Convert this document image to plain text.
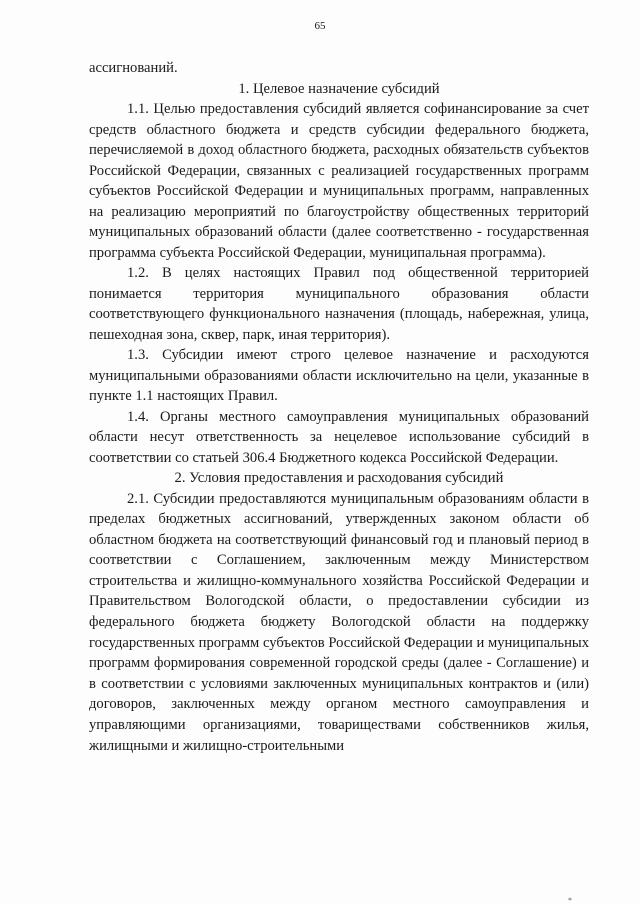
65

ассигнований.

1. Целевое назначение субсидий

1.1. Целью предоставления субсидий является софинансирование за счет средств областного бюджета и средств субсидии федерального бюджета, перечисляемой в доход областного бюджета, расходных обязательств субъектов Российской Федерации, связанных с реализацией государственных программ субъектов Российской Федерации и муниципальных программ, направленных на реализацию мероприятий по благоустройству общественных территорий муниципальных образований области (далее соответственно - государственная программа субъекта Российской Федерации, муниципальная программа).

1.2. В целях настоящих Правил под общественной территорией понимается территория муниципального образования области соответствующего функционального назначения (площадь, набережная, улица, пешеходная зона, сквер, парк, иная территория).

1.3. Субсидии имеют строго целевое назначение и расходуются муниципальными образованиями области исключительно на цели, указанные в пункте 1.1 настоящих Правил.

1.4. Органы местного самоуправления муниципальных образований области несут ответственность за нецелевое использование субсидий в соответствии со статьей 306.4 Бюджетного кодекса Российской Федерации.

2. Условия предоставления и расходования субсидий

2.1. Субсидии предоставляются муниципальным образованиям области в пределах бюджетных ассигнований, утвержденных законом области об областном бюджета на соответствующий финансовый год и плановый период в соответствии с Соглашением, заключенным между Министерством строительства и жилищно-коммунального хозяйства Российской Федерации и Правительством Вологодской области, о предоставлении субсидии из федерального бюджета бюджету Вологодской области на поддержку государственных программ субъектов Российской Федерации и муниципальных программ формирования современной городской среды (далее - Соглашение) и в соответствии с условиями заключенных муниципальных контрактов и (или) договоров, заключенных между органом местного самоуправления и управляющими организациями, товариществами собственников жилья, жилищными и жилищно-строительными

*
